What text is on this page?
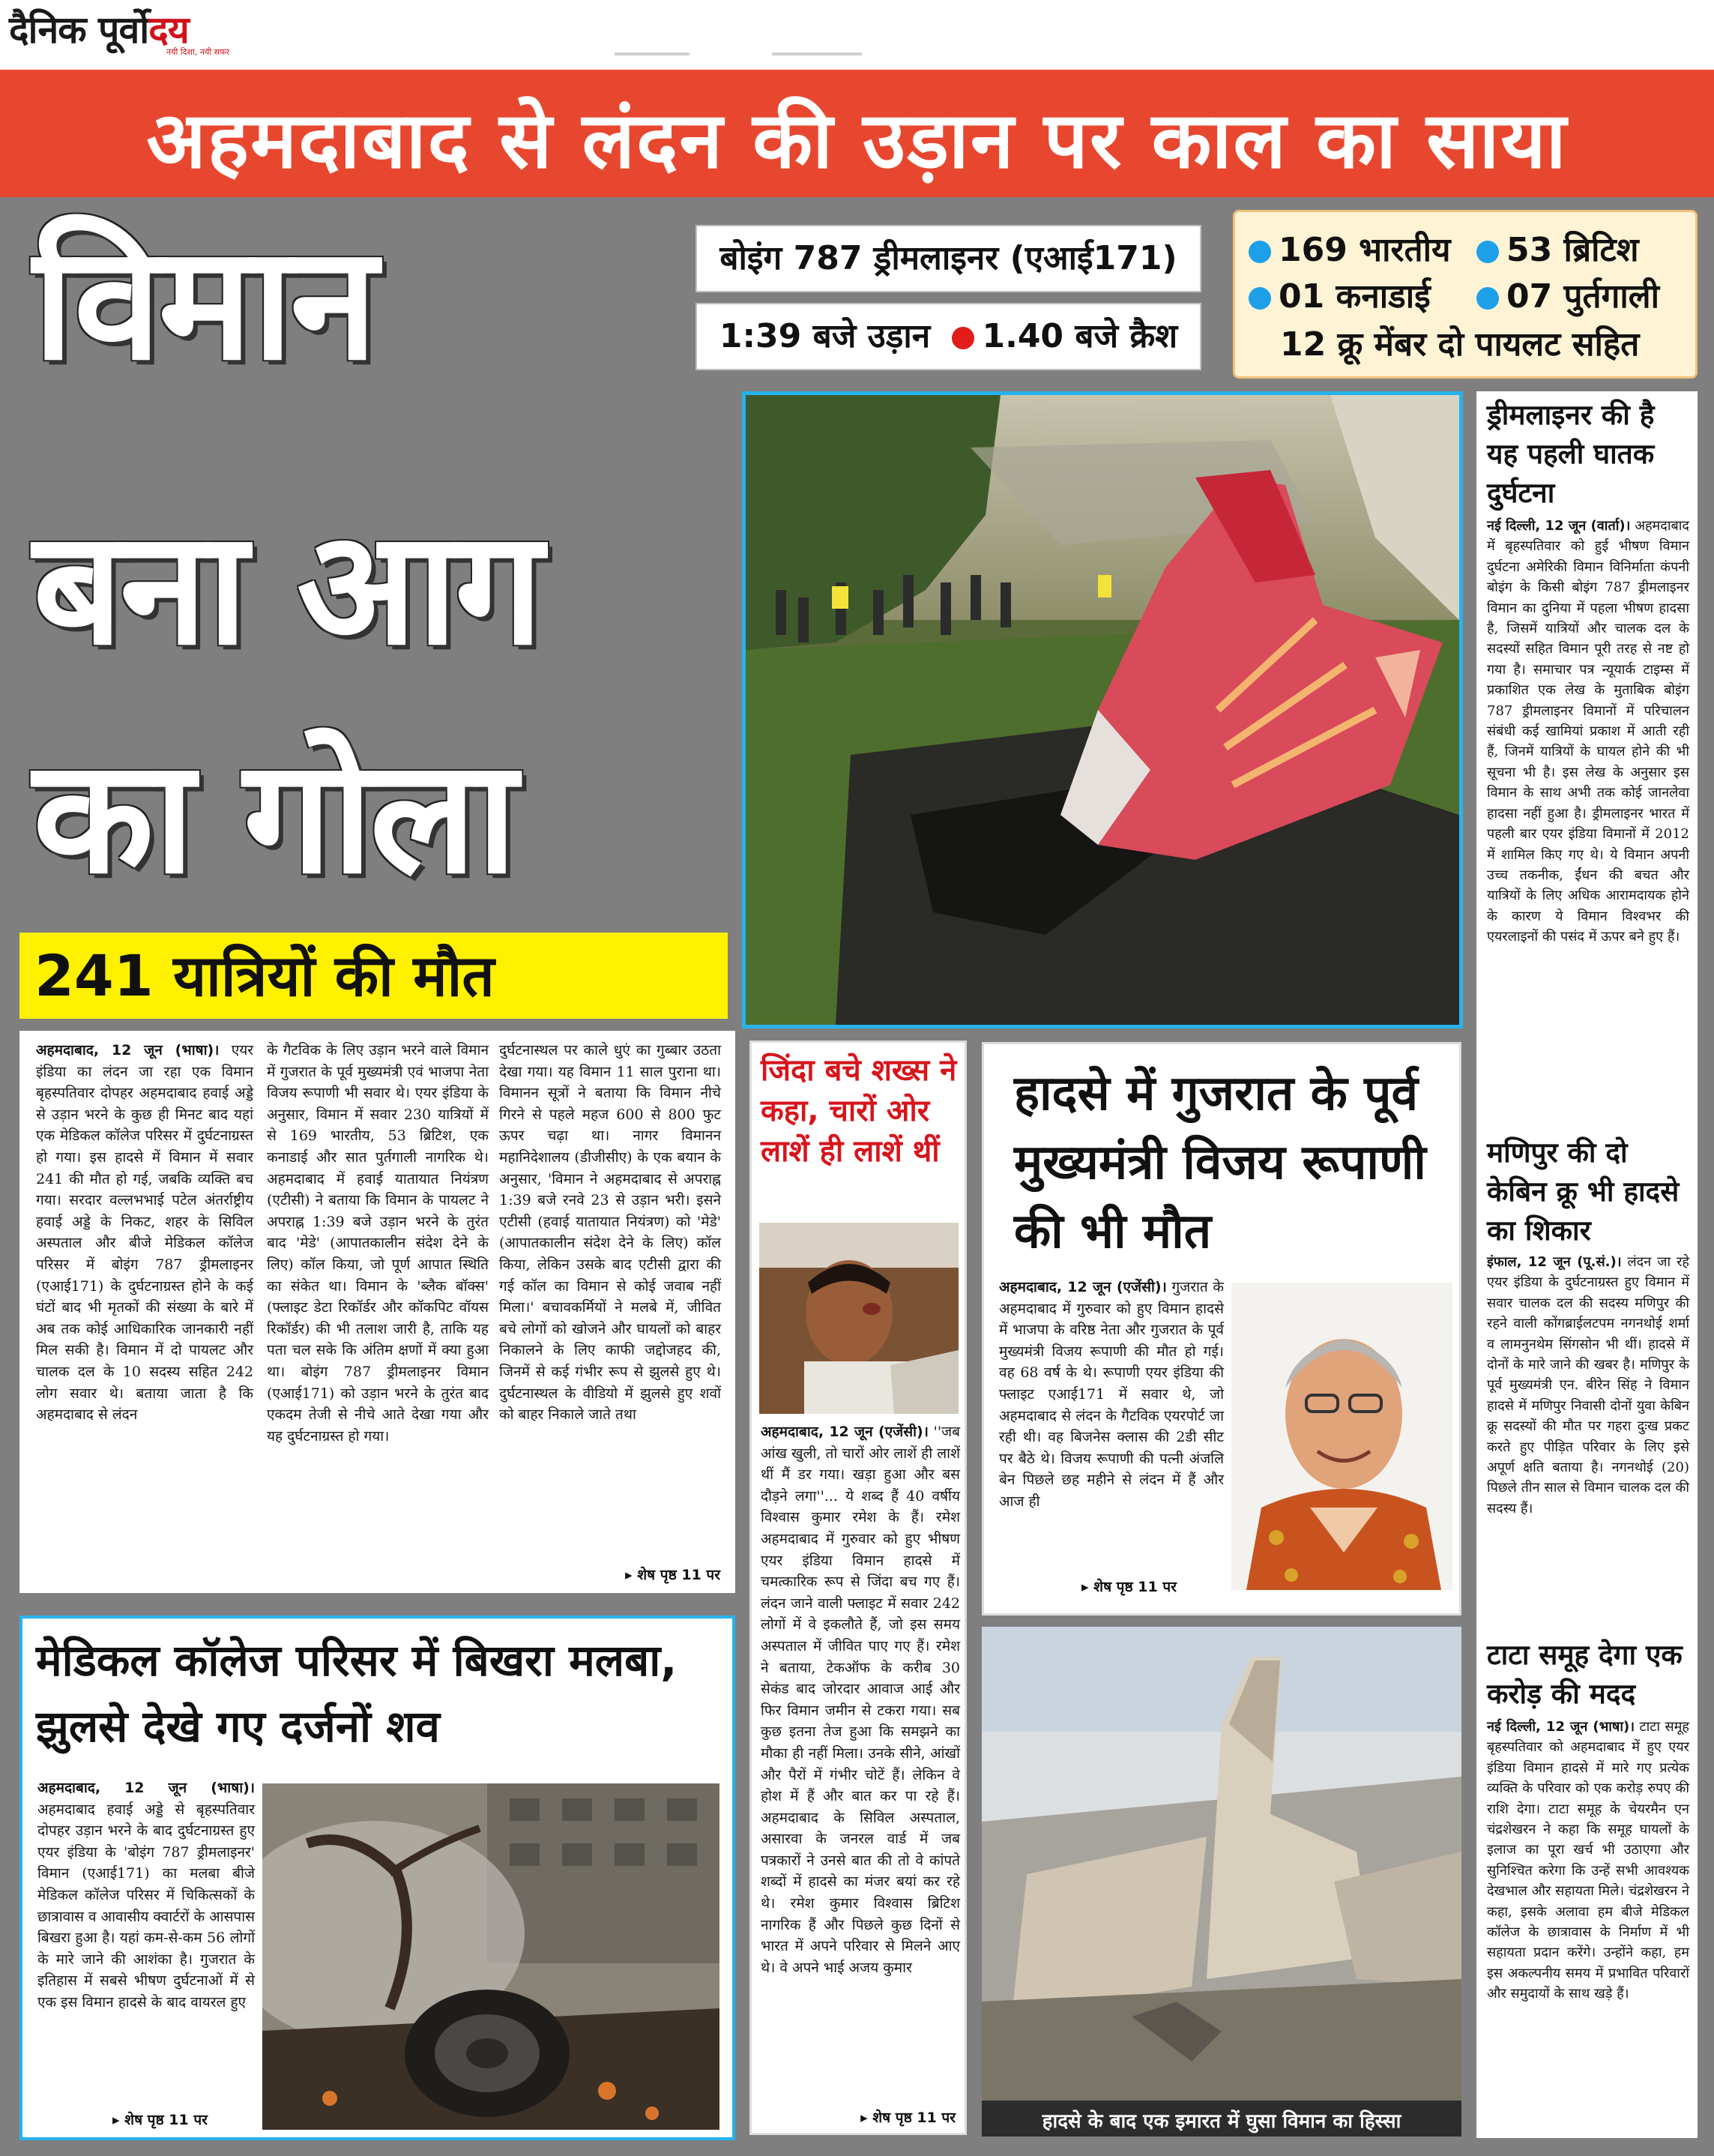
दैनिक पूर्वोदय
नयी दिशा, नयी सफर
अहमदाबाद से लंदन की उड़ान पर काल का साया
विमान
बना आग
का गोला
241 यात्रियों की मौत
बोइंग 787 ड्रीमलाइनर (एआई171)
1:39 बजे उड़ान 1.40 बजे क्रैश
169 भारतीय	53 ब्रिटिश
01 कनाडाई	07 पुर्तगाली
12 क्रू मेंबर दो पायलट सहित
अहमदाबाद, 12 जून (भाषा)। एयर इंडिया का लंदन जा रहा एक विमान बृहस्पतिवार दोपहर अहमदाबाद हवाई अड्डे से उड़ान भरने के कुछ ही मिनट बाद यहां एक मेडिकल कॉलेज परिसर में दुर्घटनाग्रस्त हो गया। इस हादसे में विमान में सवार 241 की मौत हो गई, जबकि व्यक्ति बच गया। सरदार वल्लभभाई पटेल अंतर्राष्ट्रीय हवाई अड्डे के निकट, शहर के सिविल अस्पताल और बीजे मेडिकल कॉलेज परिसर में बोइंग 787 ड्रीमलाइनर (एआई171) के दुर्घटनाग्रस्त होने के कई घंटों बाद भी मृतकों की संख्या के बारे में अब तक कोई आधिकारिक जानकारी नहीं मिल सकी है। विमान में दो पायलट और चालक दल के 10 सदस्य सहित 242 लोग सवार थे। बताया जाता है कि अहमदाबाद से लंदन
के गैटविक के लिए उड़ान भरने वाले विमान में गुजरात के पूर्व मुख्यमंत्री एवं भाजपा नेता विजय रूपाणी भी सवार थे। एयर इंडिया के अनुसार, विमान में सवार 230 यात्रियों में से 169 भारतीय, 53 ब्रिटिश, एक कनाडाई और सात पुर्तगाली नागरिक थे। अहमदाबाद में हवाई यातायात नियंत्रण (एटीसी) ने बताया कि विमान के पायलट ने अपराह्न 1:39 बजे उड़ान भरने के तुरंत बाद 'मेडे' (आपातकालीन संदेश देने के लिए) कॉल किया, जो पूर्ण आपात स्थिति का संकेत था। विमान के 'ब्लैक बॉक्स' (फ्लाइट डेटा रिकॉर्डर और कॉकपिट वॉयस रिकॉर्डर) की भी तलाश जारी है, ताकि यह पता चल सके कि अंतिम क्षणों में क्या हुआ था। बोइंग 787 ड्रीमलाइनर विमान (एआई171) को उड़ान भरने के तुरंत बाद एकदम तेजी से नीचे आते देखा गया और यह दुर्घटनाग्रस्त हो गया।
दुर्घटनास्थल पर काले धुएं का गुब्बार उठता देखा गया। यह विमान 11 साल पुराना था। विमानन सूत्रों ने बताया कि विमान नीचे गिरने से पहले महज 600 से 800 फुट ऊपर चढ़ा था। नागर विमानन महानिदेशालय (डीजीसीए) के एक बयान के अनुसार, 'विमान ने अहमदाबाद से अपराह्न 1:39 बजे रनवे 23 से उड़ान भरी। इसने एटीसी (हवाई यातायात नियंत्रण) को 'मेडे' (आपातकालीन संदेश देने के लिए) कॉल किया, लेकिन उसके बाद एटीसी द्वारा की गई कॉल का विमान से कोई जवाब नहीं मिला।' बचावकर्मियों ने मलबे में, जीवित बचे लोगों को खोजने और घायलों को बाहर निकालने के लिए काफी जद्दोजहद की, जिनमें से कई गंभीर रूप से झुलसे हुए थे। दुर्घटनास्थल के वीडियो में झुलसे हुए शवों को बाहर निकाले जाते तथा
▸ शेष पृष्ठ 11 पर
जिंदा बचे शख्स ने कहा, चारों ओर लाशें ही लाशें थीं
अहमदाबाद, 12 जून (एजेंसी)। ''जब आंख खुली, तो चारों ओर लाशें ही लाशें थीं मैं डर गया। खड़ा हुआ और बस दौड़ने लगा''... ये शब्द हैं 40 वर्षीय विश्वास कुमार रमेश के हैं। रमेश अहमदाबाद में गुरुवार को हुए भीषण एयर इंडिया विमान हादसे में चमत्कारिक रूप से जिंदा बच गए हैं। लंदन जाने वाली फ्लाइट में सवार 242 लोगों में वे इकलौते हैं, जो इस समय अस्पताल में जीवित पाए गए हैं। रमेश ने बताया, टेकऑफ के करीब 30 सेकंड बाद जोरदार आवाज आई और फिर विमान जमीन से टकरा गया। सब कुछ इतना तेज हुआ कि समझने का मौका ही नहीं मिला। उनके सीने, आंखों और पैरों में गंभीर चोटें हैं। लेकिन वे होश में हैं और बात कर पा रहे हैं। अहमदाबाद के सिविल अस्पताल, असारवा के जनरल वार्ड में जब पत्रकारों ने उनसे बात की तो वे कांपते शब्दों में हादसे का मंजर बयां कर रहे थे। रमेश कुमार विश्वास ब्रिटिश नागरिक हैं और पिछले कुछ दिनों से भारत में अपने परिवार से मिलने आए थे। वे अपने भाई अजय कुमार
▸ शेष पृष्ठ 11 पर
हादसे में गुजरात के पूर्व मुख्यमंत्री विजय रूपाणी की भी मौत
अहमदाबाद, 12 जून (एजेंसी)। गुजरात के अहमदाबाद में गुरुवार को हुए विमान हादसे में भाजपा के वरिष्ठ नेता और गुजरात के पूर्व मुख्यमंत्री विजय रूपाणी की मौत हो गई। वह 68 वर्ष के थे। रूपाणी एयर इंडिया की फ्लाइट एआई171 में सवार थे, जो अहमदाबाद से लंदन के गैटविक एयरपोर्ट जा रही थी। वह बिजनेस क्लास की 2डी सीट पर बैठे थे। विजय रूपाणी की पत्नी अंजलि बेन पिछले छह महीने से लंदन में हैं और आज ही
▸ शेष पृष्ठ 11 पर
मेडिकल कॉलेज परिसर में बिखरा मलबा, झुलसे देखे गए दर्जनों शव
अहमदाबाद, 12 जून (भाषा)। अहमदाबाद हवाई अड्डे से बृहस्पतिवार दोपहर उड़ान भरने के बाद दुर्घटनाग्रस्त हुए एयर इंडिया के 'बोइंग 787 ड्रीमलाइनर' विमान (एआई171) का मलबा बीजे मेडिकल कॉलेज परिसर में चिकित्सकों के छात्रावास व आवासीय क्वार्टरों के आसपास बिखरा हुआ है। यहां कम-से-कम 56 लोगों के मारे जाने की आशंका है। गुजरात के इतिहास में सबसे भीषण दुर्घटनाओं में से एक इस विमान हादसे के बाद वायरल हुए
▸ शेष पृष्ठ 11 पर	हादसे के बाद एक इमारत में घुसा विमान का हिस्सा
ड्रीमलाइनर की है यह पहली घातक दुर्घटना
नई दिल्ली, 12 जून (वार्ता)। अहमदाबाद में बृहस्पतिवार को हुई भीषण विमान दुर्घटना अमेरिकी विमान विनिर्माता कंपनी बोइंग के किसी बोइंग 787 ड्रीमलाइनर विमान का दुनिया में पहला भीषण हादसा है, जिसमें यात्रियों और चालक दल के सदस्यों सहित विमान पूरी तरह से नष्ट हो गया है। समाचार पत्र न्यूयार्क टाइम्स में प्रकाशित एक लेख के मुताबिक बोइंग 787 ड्रीमलाइनर विमानों में परिचालन संबंधी कई खामियां प्रकाश में आती रही हैं, जिनमें यात्रियों के घायल होने की भी सूचना भी है। इस लेख के अनुसार इस विमान के साथ अभी तक कोई जानलेवा हादसा नहीं हुआ है। ड्रीमलाइनर भारत में पहली बार एयर इंडिया विमानों में 2012 में शामिल किए गए थे। ये विमान अपनी उच्च तकनीक, ईंधन की बचत और यात्रियों के लिए अधिक आरामदायक होने के कारण ये विमान विश्वभर की एयरलाइनों की पसंद में ऊपर बने हुए हैं।
मणिपुर की दो केबिन क्रू भी हादसे का शिकार
इंफाल, 12 जून (पू.सं.)। लंदन जा रहे एयर इंडिया के दुर्घटनाग्रस्त हुए विमान में सवार चालक दल की सदस्य मणिपुर की रहने वाली कोंगब्राईलटपम नगनथोई शर्मा व लामनुनथेम सिंगसोन भी थीं। हादसे में दोनों के मारे जाने की खबर है। मणिपुर के पूर्व मुख्यमंत्री एन. बीरेन सिंह ने विमान हादसे में मणिपुर निवासी दोनों युवा केबिन क्रू सदस्यों की मौत पर गहरा दुःख प्रकट करते हुए पीड़ित परिवार के लिए इसे अपूर्ण क्षति बताया है। नगनथोई (20) पिछले तीन साल से विमान चालक दल की सदस्य हैं।
टाटा समूह देगा एक करोड़ की मदद
नई दिल्ली, 12 जून (भाषा)। टाटा समूह बृहस्पतिवार को अहमदाबाद में हुए एयर इंडिया विमान हादसे में मारे गए प्रत्येक व्यक्ति के परिवार को एक करोड़ रुपए की राशि देगा। टाटा समूह के चेयरमैन एन चंद्रशेखरन ने कहा कि समूह घायलों के इलाज का पूरा खर्च भी उठाएगा और सुनिश्चित करेगा कि उन्हें सभी आवश्यक देखभाल और सहायता मिले। चंद्रशेखरन ने कहा, इसके अलावा हम बीजे मेडिकल कॉलेज के छात्रावास के निर्माण में भी सहायता प्रदान करेंगे। उन्होंने कहा, हम इस अकल्पनीय समय में प्रभावित परिवारों और समुदायों के साथ खड़े हैं।
